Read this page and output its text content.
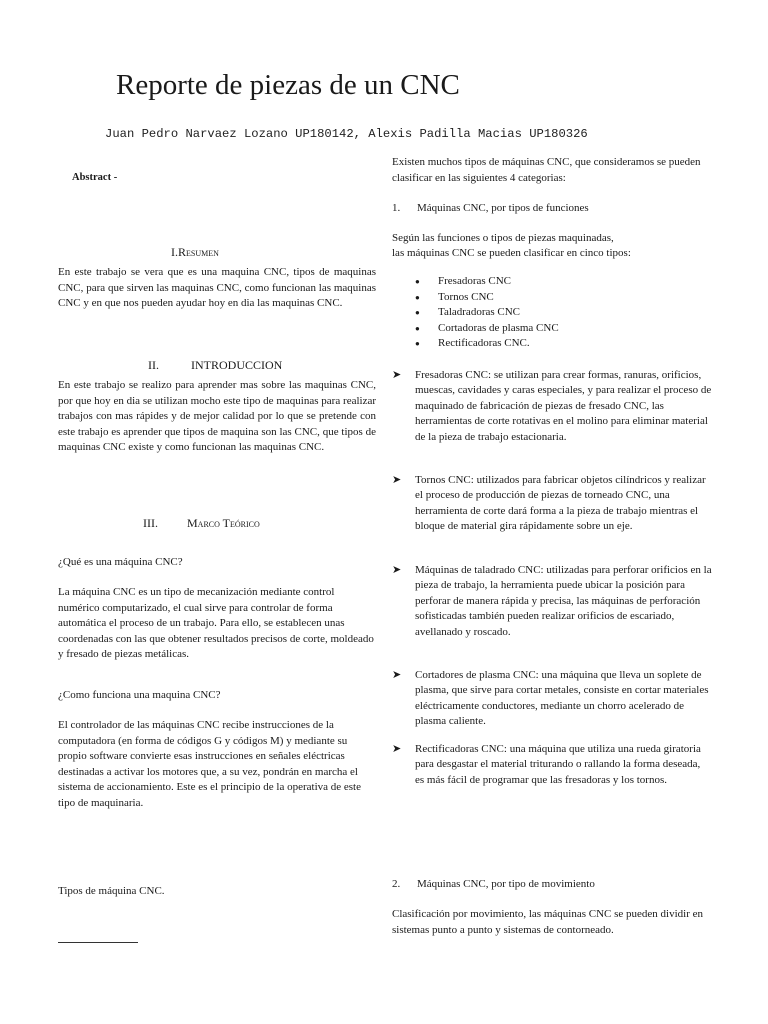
Reporte de piezas de un CNC
Juan Pedro Narvaez Lozano UP180142, Alexis Padilla Macias UP180326
Abstract -
I.Resumen

En este trabajo se vera que es una maquina CNC, tipos de maquinas CNC, para que sirven las maquinas CNC, como funcionan las maquinas CNC y en que nos pueden ayudar hoy en dia las maquinas CNC.

II.	INTRODUCCION

En este trabajo se realizo para aprender mas sobre las maquinas CNC, por que hoy en dia se utilizan mocho este tipo de maquinas para realizar trabajos con mas rápides y de mejor calidad por lo que se pretende con este trabajo es aprender que tipos de maquina son las CNC, que tipos de maquinas CNC existe y como funcionan las maquinas CNC.

III. Marco Teórico

¿Qué es una máquina CNC?

La máquina CNC es un tipo de mecanización mediante control numérico computarizado, el cual sirve para controlar de forma automática el proceso de un trabajo. Para ello, se establecen unas coordenadas con las que obtener resultados precisos de corte, moldeado y fresado de piezas metálicas.

¿Como funciona una maquina CNC?

El controlador de las máquinas CNC recibe instrucciones de la computadora (en forma de códigos G y códigos M) y mediante su propio software convierte esas instrucciones en señales eléctricas destinadas a activar los motores que, a su vez, pondrán en marcha el sistema de accionamiento. Este es el principio de la operativa de este tipo de maquinaria.

Tipos de máquina CNC.

Existen muchos tipos de máquinas CNC, que consideramos se pueden clasificar en las siguientes 4 categorias:

1. Máquinas CNC, por tipos de funciones

Según las funciones o tipos de piezas maquinadas,

las máquinas CNC se pueden clasificar en cinco tipos:

● Fresadoras CNC
● Tornos CNC
● Taladradoras CNC
● Cortadoras de plasma CNC
● Rectificadoras CNC.
➤ Fresadoras CNC: se utilizan para crear formas, ranuras, orificios, muescas, cavidades y caras especiales, y para realizar el proceso de maquinado de fabricación de piezas de fresado CNC, las herramientas de corte rotativas en el molino para eliminar material de la pieza de trabajo estacionaria.
➤ Tornos CNC: utilizados para fabricar objetos cilíndricos y realizar el proceso de producción de piezas de torneado CNC, una herramienta de corte dará forma a la pieza de trabajo mientras el bloque de material gira rápidamente sobre un eje.
➤ Máquinas de taladrado CNC: utilizadas para perforar orificios en la pieza de trabajo, la herramienta puede ubicar la posición para perforar de manera rápida y precisa, las máquinas de perforación sofisticadas también pueden realizar orificios de escariado, avellanado y roscado.
➤ Cortadores de plasma CNC: una máquina que lleva un soplete de plasma, que sirve para cortar metales, consiste en cortar materiales eléctricamente conductores, mediante un chorro acelerado de plasma caliente.
➤ Rectificadoras CNC: una máquina que utiliza una rueda giratoria para desgastar el material triturando o rallando la forma deseada, es más fácil de programar que las fresadoras y los tornos.
2. Máquinas CNC, por tipo de movimiento

Clasificación por movimiento, las máquinas CNC se pueden dividir en sistemas punto a punto y sistemas de contorneado.
